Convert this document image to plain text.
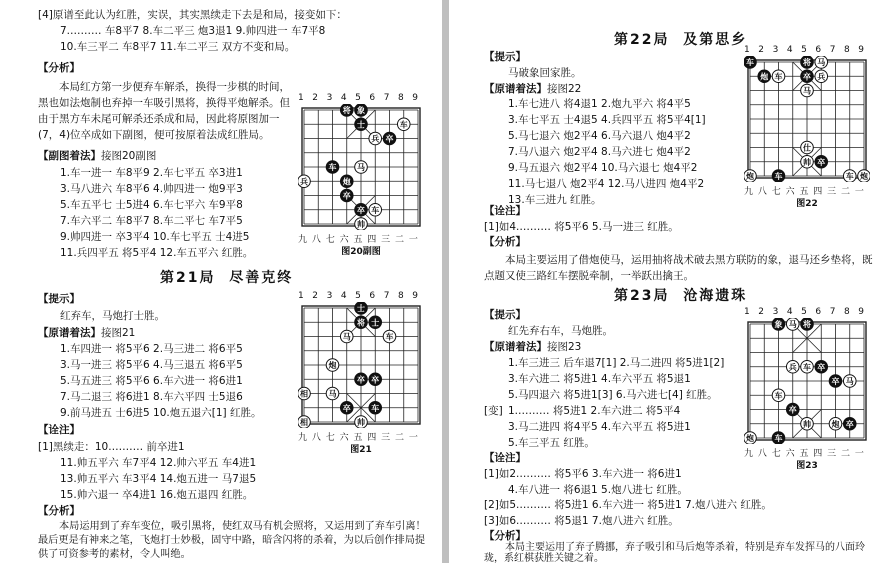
[4]原谱至此认为红胜，实误，其实黑续走下去是和局，接变如下：
7.……… 车8平7 8.车二平三 炮3退1 9.帅四进一 车7平8
10.车三平二 车8平7 11.车二平三 双方不变和局。
【分析】
本局红方第一步便弃车解杀，换得一步棋的时间，黑也如法炮制也弃掉一车吸引黑将，换得平炮解杀。但由于黑方车未尾可解杀还杀成和局，因此将原图加一(7，4)位卒成如下副图，便可按原着法成红胜局。
【副图着法】接图20副图
1.车一进一 车8平9 2.车七平五 卒3进1
3.马八进六 车8平6 4.帅四进一 炮9平3
5.车五平七 士5进4 6.车七平六 车9平8
7.车六平二 车8平7 8.车二平七 车7平5
9.帅四进一 卒3平4 10.车七平五 士4进5
11.兵四平五 将5平4 12.车五平六 红胜。
1 2 3 4 5 6 7 8 9
将 象
车
士
兵 卒
车	马
兵	炮
卒
卒 车
帅
九 八 七 六 五 四 三 二 一
图20副图
第21局 尽善克终
【提示】
红弃车，马炮打士胜。
【原谱着法】接图21
1.车四进一 将5平6 2.马三进二 将6平5
3.马一进三 将5平6 4.马三退五 将6平5
5.马五进三 将5平6 6.车六进一 将6进1
7.马二退三 将6进1 8.车六平四 士5退6
9.前马进五 士6进5 10.炮五退六[1] 红胜。
【诠注】
[1]黑续走：10.……… 前卒进1
11.帅五平六 车7平4 12.帅六平五 车4进1
13.帅五平六 车3平4 14.炮五进一 马7退5
15.帅六退一 卒4进1 16.炮五退四 红胜。
【分析】
本局运用到了弃车变位，吸引黑将，使红双马有机会照将，又运用到了弃车引离！最后更是有神来之笔，飞炮打士妙极，固守中路，暗含闪将的杀着，为以后创作排局提供了可资参考的素材，令人叫绝。
1 2 3 4 5 6 7 8 9
士
将 士
马	车
炮
卒 卒
马
相
卒	车
帅
相
九 八 七 六 五 四 三 二 一
图21
第22局 及第思乡
【提示】
马破象回家胜。
【原谱着法】接图22
1.车七进八 将4退1 2.炮九平六 将4平5
3.车七平五 士4退5 4.兵四平五 将5平4[1]
5.马七退六 炮2平4 6.马六退八 炮4平2
7.马八退六 炮2平4 8.马六进七 炮4平2
9.马五退六 炮2平4 10.马六退七 炮4平2
11.马七退八 炮2平4 12.马八进四 炮4平2
13.车三进九 红胜。
【诠注】
[1]如4.……… 将5平6 5.马一进三 红胜。
【分析】
本局主要运用了借炮使马，运用抽将战术破去黑方联防的象，退马还乡垫将，既点题又使三路红车摆脱牵制，一举跃出擒王。
1 2 3 4 5 6 7 8 9
车	将 马
炮 车	卒 兵
马
仕
帅 卒
炮	车	车 炮
九 八 七 六 五 四 三 二 一
图22
第23局 沧海遗珠
【提示】
红先弃右车，马炮胜。
【原谱着法】接图23
1.车三进三 后车退7[1] 2.马二进四 将5进1[2]
3.车六进二 将5进1 4.车六平五 将5退1
5.马四退六 将5进1[3] 6.马六进七[4] 红胜。
[变] 1.……… 将5进1 2.车六进二 将5平4
3.马二进四 将4平5 4.车六平五 将5进1
5.车三平五 红胜。
【诠注】
[1]如2.……… 将5平6 3.车六进一 将6进1
4.车八进一 将6退1 5.炮八进七 红胜。
[2]如5.……… 将5进1 6.车六进一 将5进1 7.炮八进六 红胜。
[3]如6.……… 将5退1 7.炮八进六 红胜。
【分析】
本局主要运用了弃子腾挪，弃子吸引和马后炮等杀着，特别是弃车发挥马的八面玲珑，系红棋获胜关键之着。
1 2 3 4 5 6 7 8 9
象 马 将
兵 车 卒
卒 马
车
卒
帅	炮 卒
炮	车
九 八 七 六 五 四 三 二 一
图23
